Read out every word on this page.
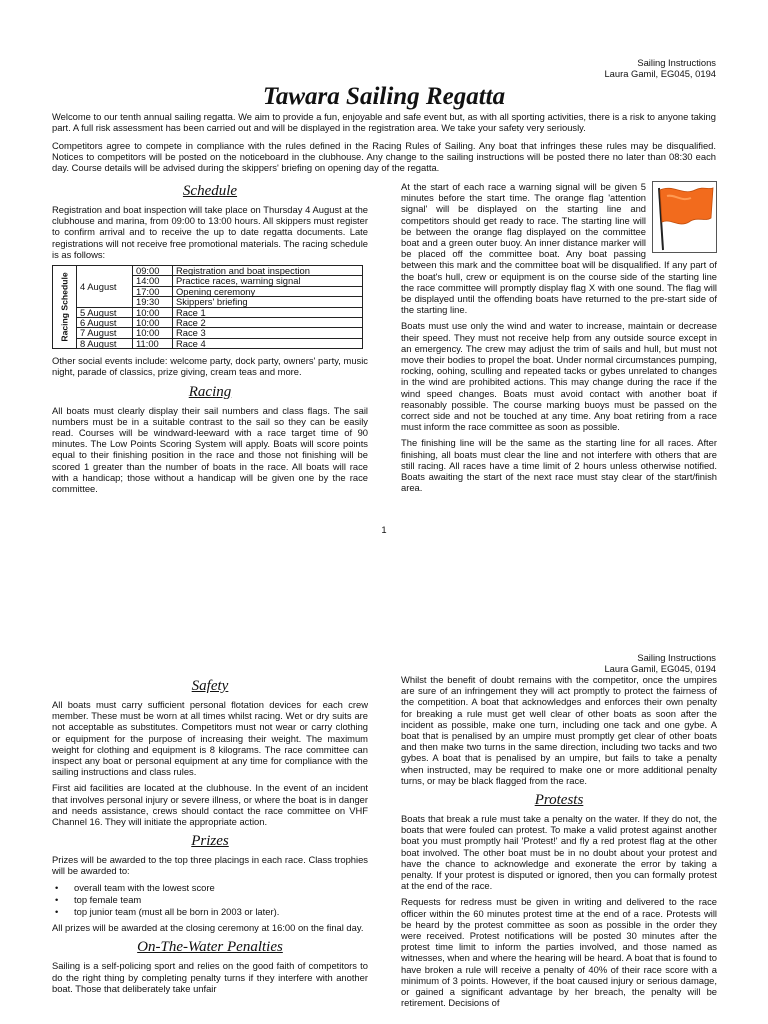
Sailing Instructions
Laura Gamil, EG045, 0194
Tawara Sailing Regatta

Welcome to our tenth annual sailing regatta. We aim to provide a fun, enjoyable and safe event but, as with all sporting activities, there is a risk to anyone taking part. A full risk assessment has been carried out and will be displayed in the registration area. We take your safety very seriously.

Competitors agree to compete in compliance with the rules defined in the Racing Rules of Sailing. Any boat that infringes these rules may be disqualified. Notices to competitors will be posted on the noticeboard in the clubhouse. Any change to the sailing instructions will be posted there no later than 08:30 each day. Course details will be advised during the skippers' briefing on opening day of the regatta.

Schedule

Registration and boat inspection will take place on Thursday 4 August at the clubhouse and marina, from 09:00 to 13:00 hours. All skippers must register to confirm arrival and to receive the up to date regatta documents. Late registrations will not receive free promotional materials. The racing schedule is as follows:

Racing Schedule	4 August	09:00	Registration and boat inspection
		14:00	Practice races, warning signal
		17:00	Opening ceremony
		19:30	Skippers' briefing
	5 August	10:00	Race 1
	6 August	10:00	Race 2
	7 August	10:00	Race 3
	8 August	11:00	Race 4

Other social events include: welcome party, dock party, owners' party, music night, parade of classics, prize giving, cream teas and more.

Racing

All boats must clearly display their sail numbers and class flags. The sail numbers must be in a suitable contrast to the sail so they can be easily read. Courses will be windward-leeward with a race target time of 90 minutes. The Low Points Scoring System will apply. Boats will score points equal to their finishing position in the race and those not finishing will be scored 1 greater than the number of boats in the race. All boats will race with a handicap; those without a handicap will be given one by the race committee.

At the start of each race a warning signal will be given 5 minutes before the start time. The orange flag 'attention signal' will be displayed on the starting line and competitors should get ready to race. The starting line will be between the orange flag displayed on the committee boat and a green outer buoy. An inner distance marker will be placed off the committee boat. Any boat passing between this mark and the committee boat will be disqualified. If any part of the boat's hull, crew or equipment is on the course side of the starting line the race committee will promptly display flag X with one sound. The flag will be displayed until the offending boats have returned to the pre-start side of the starting line.

Boats must use only the wind and water to increase, maintain or decrease their speed. They must not receive help from any outside source except in an emergency. The crew may adjust the trim of sails and hull, but must not move their bodies to propel the boat. Under normal circumstances pumping, rocking, oohing, sculling and repeated tacks or gybes unrelated to changes in the wind are prohibited actions. This may change during the race if the wind speed changes. Boats must avoid contact with another boat if reasonably possible. The course marking buoys must be passed on the correct side and not be touched at any time. Any boat retiring from a race must inform the race committee as soon as possible.

The finishing line will be the same as the starting line for all races. After finishing, all boats must clear the line and not interfere with others that are still racing. All races have a time limit of 2 hours unless otherwise notified. Boats awaiting the start of the next race must stay clear of the start/finish area.

1
Sailing Instructions
Laura Gamil, EG045, 0194
Safety

All boats must carry sufficient personal flotation devices for each crew member. These must be worn at all times whilst racing. Wet or dry suits are not acceptable as substitutes. Competitors must not wear or carry clothing or equipment for the purpose of increasing their weight. The maximum weight for clothing and equipment is 8 kilograms. The race committee can inspect any boat or personal equipment at any time for compliance with the sailing instructions and class rules.

First aid facilities are located at the clubhouse. In the event of an incident that involves personal injury or severe illness, or where the boat is in danger and needs assistance, crews should contact the race committee on VHF Channel 16. They will initiate the appropriate action.

Prizes

Prizes will be awarded to the top three placings in each race. Class trophies will be awarded to:

• overall team with the lowest score
• top female team
• top junior team (must all be born in 2003 or later).

All prizes will be awarded at the closing ceremony at 16:00 on the final day.

On-The-Water Penalties

Sailing is a self-policing sport and relies on the good faith of competitors to do the right thing by completing penalty turns if they interfere with another boat. Those that deliberately take unfair

Whilst the benefit of doubt remains with the competitor, once the umpires are sure of an infringement they will act promptly to protect the fairness of the competition. A boat that acknowledges and enforces their own penalty for breaking a rule must get well clear of other boats as soon after the incident as possible, make one turn, including one tack and one gybe. A boat that is penalised by an umpire must promptly get clear of other boats and then make two turns in the same direction, including two tacks and two gybes. A boat that is penalised by an umpire, but fails to take a penalty when instructed, may be required to make one or more additional penalty turns, or may be black flagged from the race.

Protests

Boats that break a rule must take a penalty on the water. If they do not, the boats that were fouled can protest. To make a valid protest against another boat you must promptly hail 'Protest!' and fly a red protest flag at the other boat involved. The other boat must be in no doubt about your protest and have the chance to acknowledge and exonerate the error by taking a penalty. If your protest is disputed or ignored, then you can formally protest at the end of the race.

Requests for redress must be given in writing and delivered to the race officer within the 60 minutes protest time at the end of a race. Protests will be heard by the protest committee as soon as possible in the order they were received. Protest notifications will be posted 30 minutes after the protest time limit to inform the parties involved, and those named as witnesses, when and where the hearing will be heard. A boat that is found to have broken a rule will receive a penalty of 40% of their race score with a minimum of 3 points. However, if the boat caused injury or serious damage, or gained a significant advantage by her breach, the penalty will be retirement. Decisions of
